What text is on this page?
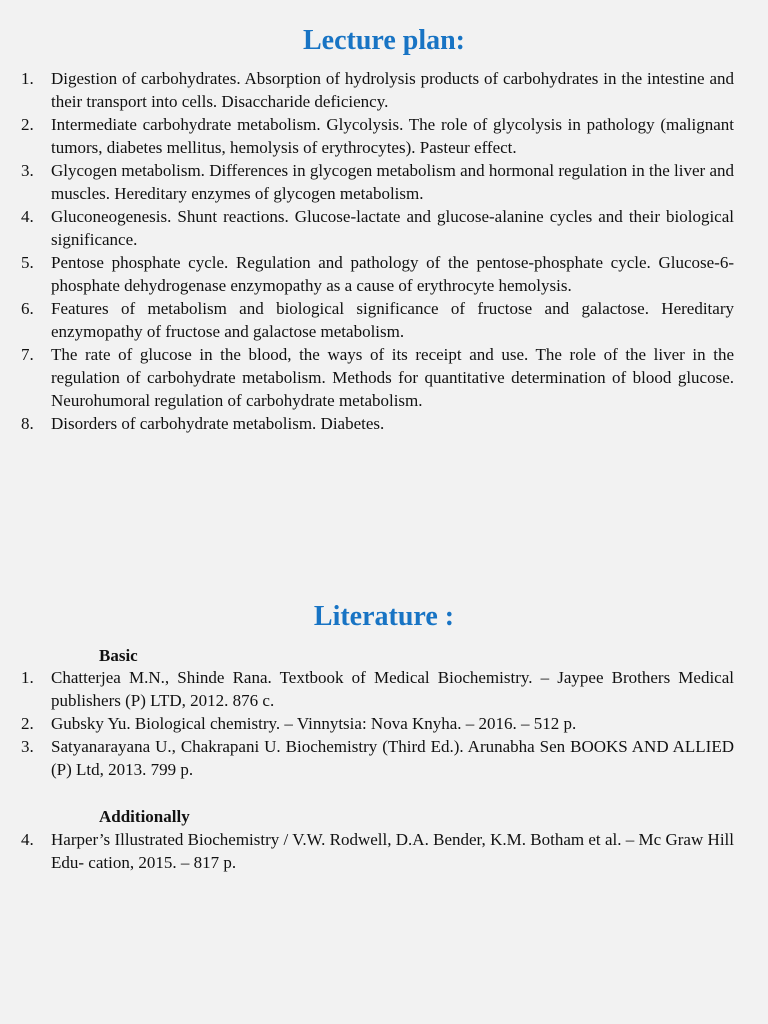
Lecture plan:
1. Digestion of carbohydrates. Absorption of hydrolysis products of carbohydrates in the intestine and their transport into cells. Disaccharide deficiency.
2. Intermediate carbohydrate metabolism. Glycolysis. The role of glycolysis in pathology (malignant tumors, diabetes mellitus, hemolysis of erythrocytes). Pasteur effect.
3. Glycogen metabolism. Differences in glycogen metabolism and hormonal regulation in the liver and muscles. Hereditary enzymes of glycogen metabolism.
4. Gluconeogenesis. Shunt reactions. Glucose-lactate and glucose-alanine cycles and their biological significance.
5. Pentose phosphate cycle. Regulation and pathology of the pentose-phosphate cycle. Glucose-6-phosphate dehydrogenase enzymopathy as a cause of erythrocyte hemolysis.
6. Features of metabolism and biological significance of fructose and galactose. Hereditary enzymopathy of fructose and galactose metabolism.
7. The rate of glucose in the blood, the ways of its receipt and use. The role of the liver in the regulation of carbohydrate metabolism. Methods for quantitative determination of blood glucose. Neurohumoral regulation of carbohydrate metabolism.
8. Disorders of carbohydrate metabolism. Diabetes.
Literature :

Basic

1. Chatterjea M.N., Shinde Rana. Textbook of Medical Biochemistry. – Jaypee Brothers Medical publishers (P) LTD, 2012. 876 c.
2. Gubsky Yu. Biological chemistry. – Vinnytsia: Nova Knyha. – 2016. – 512 p.
3. Satyanarayana U., Chakrapani U. Biochemistry (Third Ed.). Arunabha Sen BOOKS AND ALLIED (P) Ltd, 2013. 799 p.

Additionally

4. Harper’s Illustrated Biochemistry / V.W. Rodwell, D.A. Bender, K.M. Botham et al. – Mc Graw Hill Edu- cation, 2015. – 817 p.
